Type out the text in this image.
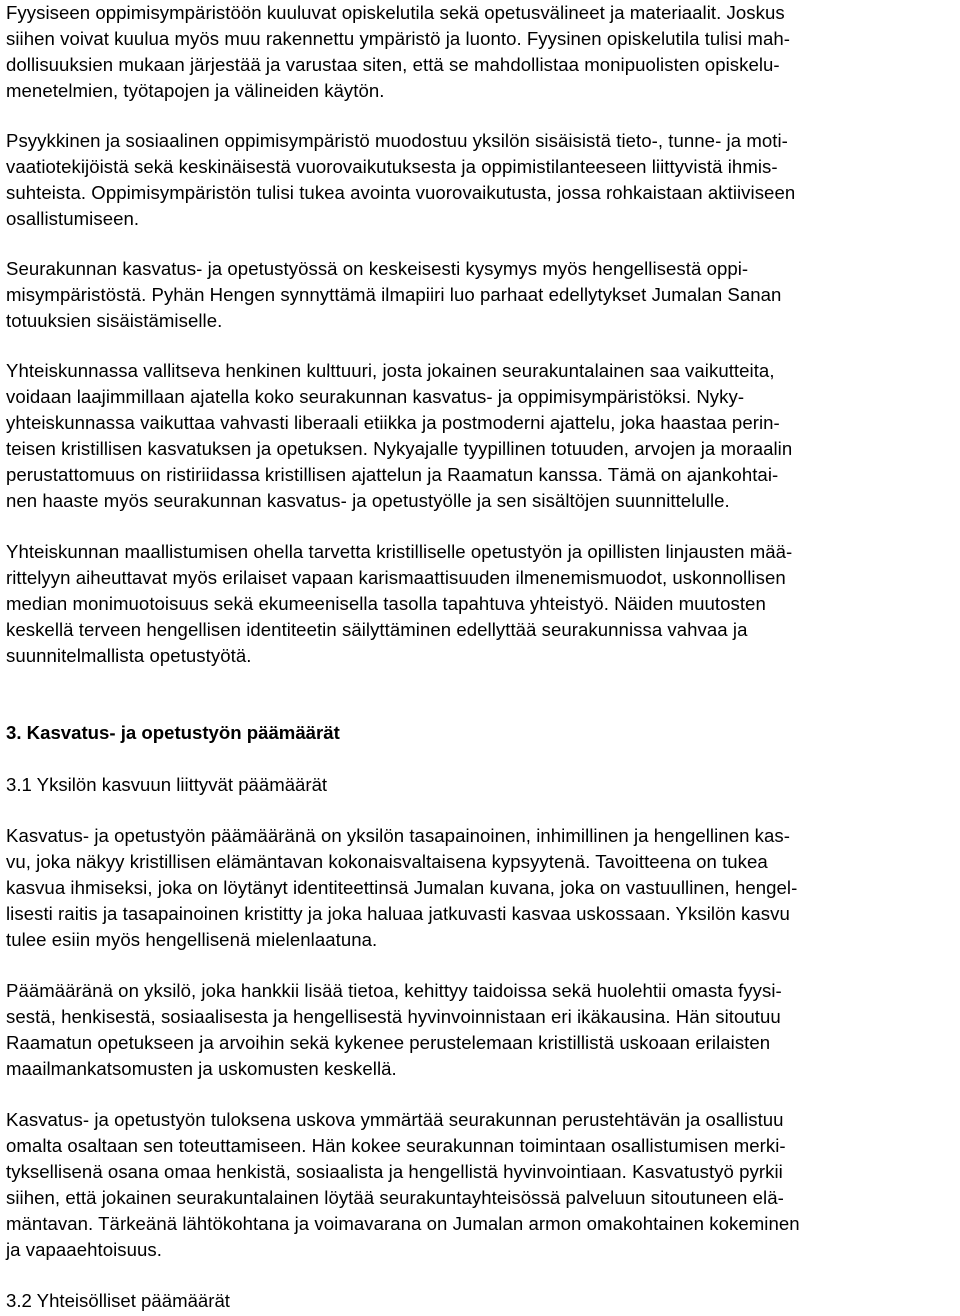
Fyysiseen oppimisympäristöön kuuluvat opiskelutila sekä opetusvälineet ja materiaalit. Joskus
siihen voivat kuulua myös muu rakennettu ympäristö ja luonto. Fyysinen opiskelutila tulisi mah-
dollisuuksien mukaan järjestää ja varustaa siten, että se mahdollistaa monipuolisten opiskelu-
menetelmien, työtapojen ja välineiden käytön.
Psyykkinen ja sosiaalinen oppimisympäristö muodostuu yksilön sisäisistä tieto-, tunne- ja moti-
vaatiotekijöistä sekä keskinäisestä vuorovaikutuksesta ja oppimistilanteeseen liittyvistä ihmis-
suhteista. Oppimisympäristön tulisi tukea avointa vuorovaikutusta, jossa rohkaistaan aktiiviseen
osallistumiseen.
Seurakunnan kasvatus- ja opetustyössä on keskeisesti kysymys myös hengellisestä oppi-
misympäristöstä. Pyhän Hengen synnyttämä ilmapiiri luo parhaat edellytykset Jumalan Sanan
totuuksien sisäistämiselle.
Yhteiskunnassa vallitseva henkinen kulttuuri, josta jokainen seurakuntalainen saa vaikutteita,
voidaan laajimmillaan ajatella koko seurakunnan kasvatus- ja oppimisympäristöksi. Nyky-
yhteiskunnassa vaikuttaa vahvasti liberaali etiikka ja postmoderni ajattelu, joka haastaa perin-
teisen kristillisen kasvatuksen ja opetuksen. Nykyajalle tyypillinen totuuden, arvojen ja moraalin
perustattomuus on ristiriidassa kristillisen ajattelun ja Raamatun kanssa. Tämä on ajankohtai-
nen haaste myös seurakunnan kasvatus- ja opetustyölle ja sen sisältöjen suunnittelulle.
Yhteiskunnan maallistumisen ohella tarvetta kristilliselle opetustyön ja opillisten linjausten mää-
rittelyyn aiheuttavat myös erilaiset vapaan karismaattisuuden ilmenemismuodot, uskonnollisen
median monimuotoisuus sekä ekumeenisella tasolla tapahtuva yhteistyö. Näiden muutosten
keskellä terveen hengellisen identiteetin säilyttäminen edellyttää seurakunnissa vahvaa ja
suunnitelmallista opetustyötä.
3. Kasvatus- ja opetustyön päämäärät
3.1 Yksilön kasvuun liittyvät päämäärät
Kasvatus- ja opetustyön päämääränä on yksilön tasapainoinen, inhimillinen ja hengellinen kas-
vu, joka näkyy kristillisen elämäntavan kokonaisvaltaisena kypsyytenä. Tavoitteena on tukea
kasvua ihmiseksi, joka on löytänyt identiteettinsä Jumalan kuvana, joka on vastuullinen, hengel-
lisesti raitis ja tasapainoinen kristitty ja joka haluaa jatkuvasti kasvaa uskossaan. Yksilön kasvu
tulee esiin myös hengellisenä mielenlaatuna.
Päämääränä on yksilö, joka hankkii lisää tietoa, kehittyy taidoissa sekä huolehtii omasta fyysi-
sestä, henkisestä, sosiaalisesta ja hengellisestä hyvinvoinnistaan eri ikäkausina. Hän sitoutuu
Raamatun opetukseen ja arvoihin sekä kykenee perustelemaan kristillistä uskoaan erilaisten
maailmankatsomusten ja uskomusten keskellä.
Kasvatus- ja opetustyön tuloksena uskova ymmärtää seurakunnan perustehtävän ja osallistuu
omalta osaltaan sen toteuttamiseen. Hän kokee seurakunnan toimintaan osallistumisen merki-
tyksellisenä osana omaa henkistä, sosiaalista ja hengellistä hyvinvointiaan. Kasvatustyö pyrkii
siihen, että jokainen seurakuntalainen löytää seurakuntayhteisössä palveluun sitoutuneen elä-
mäntavan. Tärkeänä lähtökohtana ja voimavarana on Jumalan armon omakohtainen kokeminen
ja vapaaehtoisuus.
3.2 Yhteisölliset päämäärät
